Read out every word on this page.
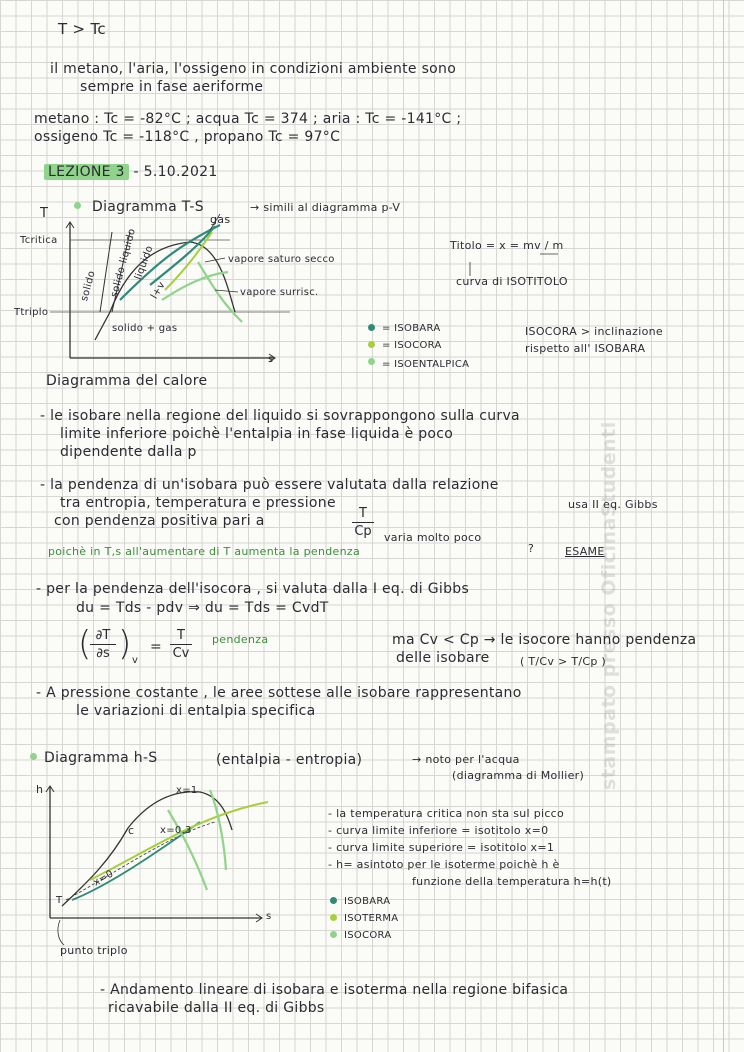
stampato presso OficinaStudenti
T > Tc
il metano, l'aria, l'ossigeno in condizioni ambiente sono
sempre in fase aeriforme
metano : Tc = -82°C ; acqua Tc = 374 ; aria : Tc = -141°C ;
ossigeno Tc = -118°C , propano Tc = 97°C
LEZIONE 3 - 5.10.2021
Diagramma T-S	→ simili al diagramma p-V
T
s
Tcritica
Ttriplo
gas
solido solido-liquido
liquido
l+v
solido + gas
vapore saturo secco
vapore surrisc.
Titolo = x = mv / m
curva di ISOTITOLO
= ISOBARA
= ISOCORA
= ISOENTALPICA
ISOCORA > inclinazione
rispetto all' ISOBARA
Diagramma del calore
- le isobare nella regione del liquido si sovrappongono sulla curva
limite inferiore poichè l'entalpia in fase liquida è poco
dipendente dalla p
- la pendenza di un'isobara può essere valutata dalla relazione
tra entropia, temperatura e pressione	usa II eq. Gibbs
con pendenza positiva pari a	T
Cp varia molto poco
poichè in T,s all'aumentare di T aumenta la pendenza	?	ESAME
- per la pendenza dell'isocora , si valuta dalla I eq. di Gibbs
du = Tds - pdv ⇒ du = Tds = CvdT
( ∂T
∂s ) v
=
T
Cv
pendenza	ma Cv < Cp → le isocore hanno pendenza
delle isobare	( T/Cv > T/Cp )
- A pressione costante , le aree sottese alle isobare rappresentano
le variazioni di entalpia specifica
Diagramma h-S	(entalpia - entropia)	→ noto per l'acqua
(diagramma di Mollier)
h
s
x=1
x=0
c	x=0.3
T
punto triplo
- la temperatura critica non sta sul picco
- curva limite inferiore = isotitolo x=0
- curva limite superiore = isotitolo x=1
- h= asintoto per le isoterme poichè h è
funzione della temperatura h=h(t)
ISOBARA
ISOTERMA
ISOCORA
- Andamento lineare di isobara e isoterma nella regione bifasica
ricavabile dalla II eq. di Gibbs
